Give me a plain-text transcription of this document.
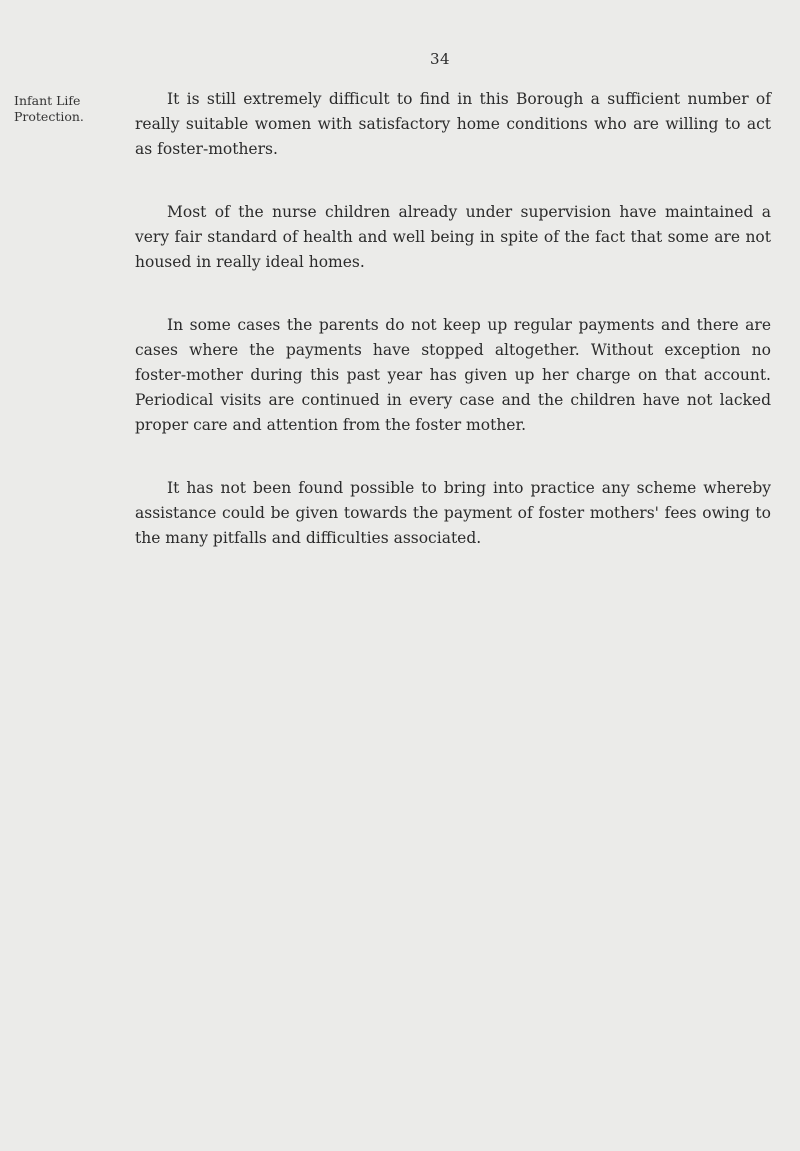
34
Infant Life
Protection.

It is still extremely difficult to find in this Borough a sufficient number of really suitable women with satisfactory home conditions who are willing to act as foster-mothers.

Most of the nurse children already under supervision have maintained a very fair standard of health and well being in spite of the fact that some are not housed in really ideal homes.

In some cases the parents do not keep up regular payments and there are cases where the payments have stopped altogether. Without exception no foster-mother during this past year has given up her charge on that account. Periodical visits are continued in every case and the children have not lacked proper care and attention from the foster mother.

It has not been found possible to bring into practice any scheme whereby assistance could be given towards the payment of foster mothers' fees owing to the many pitfalls and difficulties associated.
